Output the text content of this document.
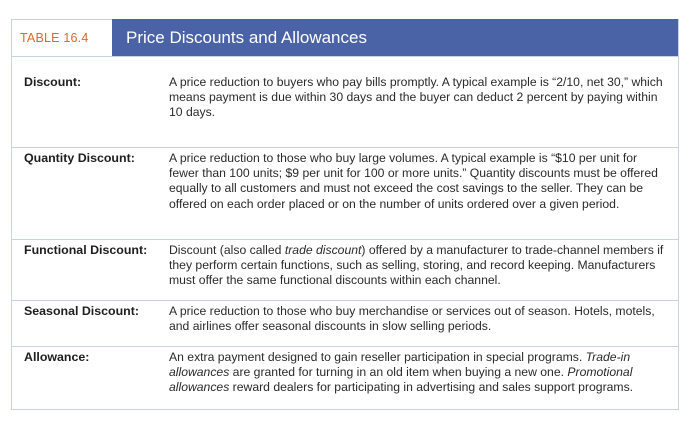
TABLE 16.4	Price Discounts and Allowances
Discount:	A price reduction to buyers who pay bills promptly. A typical example is “2/10, net 30,” which means payment is due within 30 days and the buyer can deduct 2 percent by paying within 10 days.
Quantity Discount:	A price reduction to those who buy large volumes. A typical example is “$10 per unit for fewer than 100 units; $9 per unit for 100 or more units.” Quantity discounts must be offered equally to all customers and must not exceed the cost savings to the seller. They can be offered on each order placed or on the number of units ordered over a given period.
Functional Discount:	Discount (also called trade discount) offered by a manufacturer to trade-channel members if they perform certain functions, such as selling, storing, and record keeping. Manufacturers must offer the same functional discounts within each channel.
Seasonal Discount:	A price reduction to those who buy merchandise or services out of season. Hotels, motels, and airlines offer seasonal discounts in slow selling periods.
Allowance:	An extra payment designed to gain reseller participation in special programs. Trade-in allowances are granted for turning in an old item when buying a new one. Promotional allowances reward dealers for participating in advertising and sales support programs.
